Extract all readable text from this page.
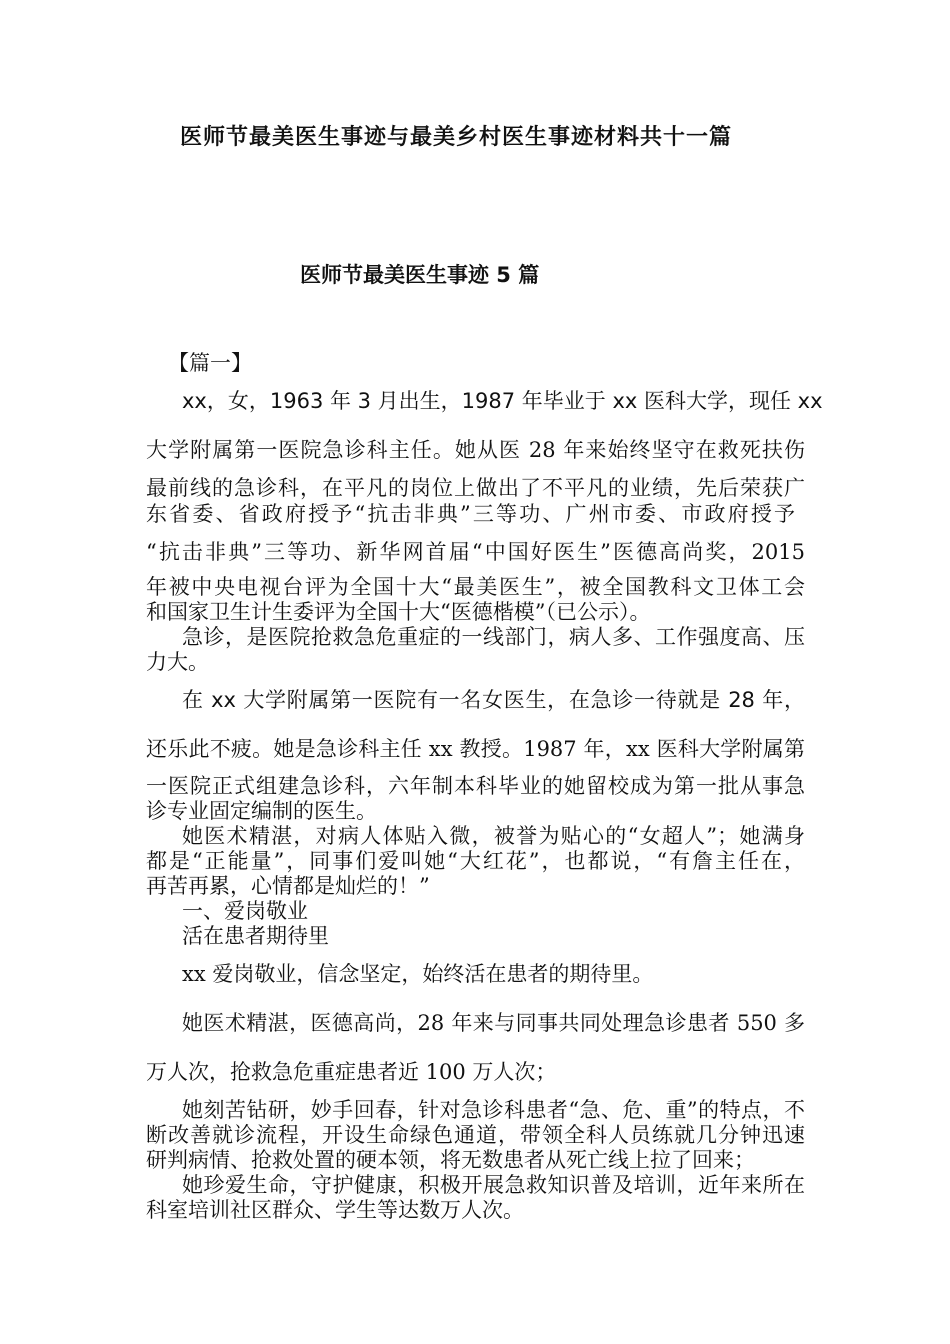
医师节最美医生事迹与最美乡村医生事迹材料共十一篇
医师节最美医生事迹 5 篇
【篇一】
xx，女，1963 年 3 月出生，1987 年毕业于 xx 医科大学，现任 xx
大学附属第一医院急诊科主任。她从医 28 年来始终坚守在救死扶伤
最前线的急诊科，在平凡的岗位上做出了不平凡的业绩，先后荣获广
东省委、省政府授予“抗击非典”三等功、广州市委、市政府授予
“抗击非典”三等功、新华网首届“中国好医生”医德高尚奖，2015
年被中央电视台评为全国十大“最美医生”，被全国教科文卫体工会
和国家卫生计生委评为全国十大“医德楷模”（已公示）。
急诊，是医院抢救急危重症的一线部门，病人多、工作强度高、压
力大。
在 xx 大学附属第一医院有一名女医生，在急诊一待就是 28 年，
还乐此不疲。她是急诊科主任 xx 教授。1987 年，xx 医科大学附属第
一医院正式组建急诊科，六年制本科毕业的她留校成为第一批从事急
诊专业固定编制的医生。
她医术精湛，对病人体贴入微，被誉为贴心的“女超人”；她满身
都是“正能量”，同事们爱叫她“大红花”，也都说，“有詹主任在，
再苦再累，心情都是灿烂的！”
一、爱岗敬业
活在患者期待里
xx 爱岗敬业，信念坚定，始终活在患者的期待里。
她医术精湛，医德高尚，28 年来与同事共同处理急诊患者 550 多
万人次，抢救急危重症患者近 100 万人次；
她刻苦钻研，妙手回春，针对急诊科患者“急、危、重”的特点，不
断改善就诊流程，开设生命绿色通道，带领全科人员练就几分钟迅速
研判病情、抢救处置的硬本领，将无数患者从死亡线上拉了回来；
她珍爱生命，守护健康，积极开展急救知识普及培训，近年来所在
科室培训社区群众、学生等达数万人次。
